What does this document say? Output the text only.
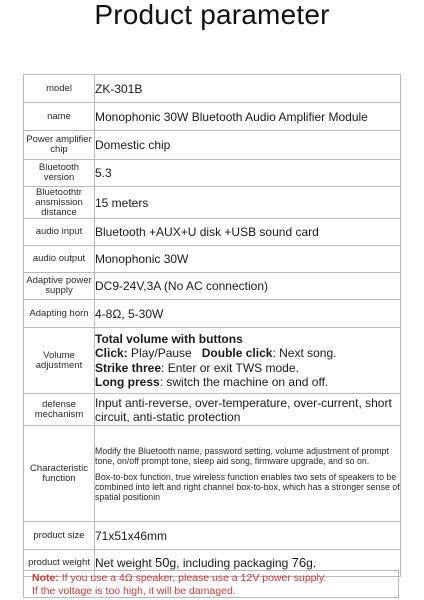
Product parameter
model	ZK-301B
name	Monophonic 30W Bluetooth Audio Amplifier Module
Power amplifier chip	Domestic chip
Bluetooth version	5.3
Bluetoothtr ansmission distance	15 meters
audio input	Bluetooth +AUX+U disk +USB sound card
audio output	Monophonic 30W
Adaptive power supply	DC9-24V,3A (No AC connection)
Adapting horn	4-8Ω, 5-30W
Volume adjustment	Total volume with buttons
Click: Play/Pause Double click: Next song.
Strike three: Enter or exit TWS mode.
Long press: switch the machine on and off.

defense mechanism	Input anti-reverse, over-temperature, over-current, short circuit, anti-static protection
Characteristic function	Modify the Bluetooth name, password setting, volume adjustment of prompt tone, on/off prompt tone, sleep aid song, firmware upgrade, and so on.

Box-to-box function, true wireless function enables two sets of speakers to be combined into left and right channel box-to-box, which has a stronger sense of spatial positionin

product size	71x51x46mm
product weight	Net weight 50g, including packaging 76g.
Note: If you use a 4Ω speaker, please use a 12V power supply.
If the voltage is too high, it will be damaged.
